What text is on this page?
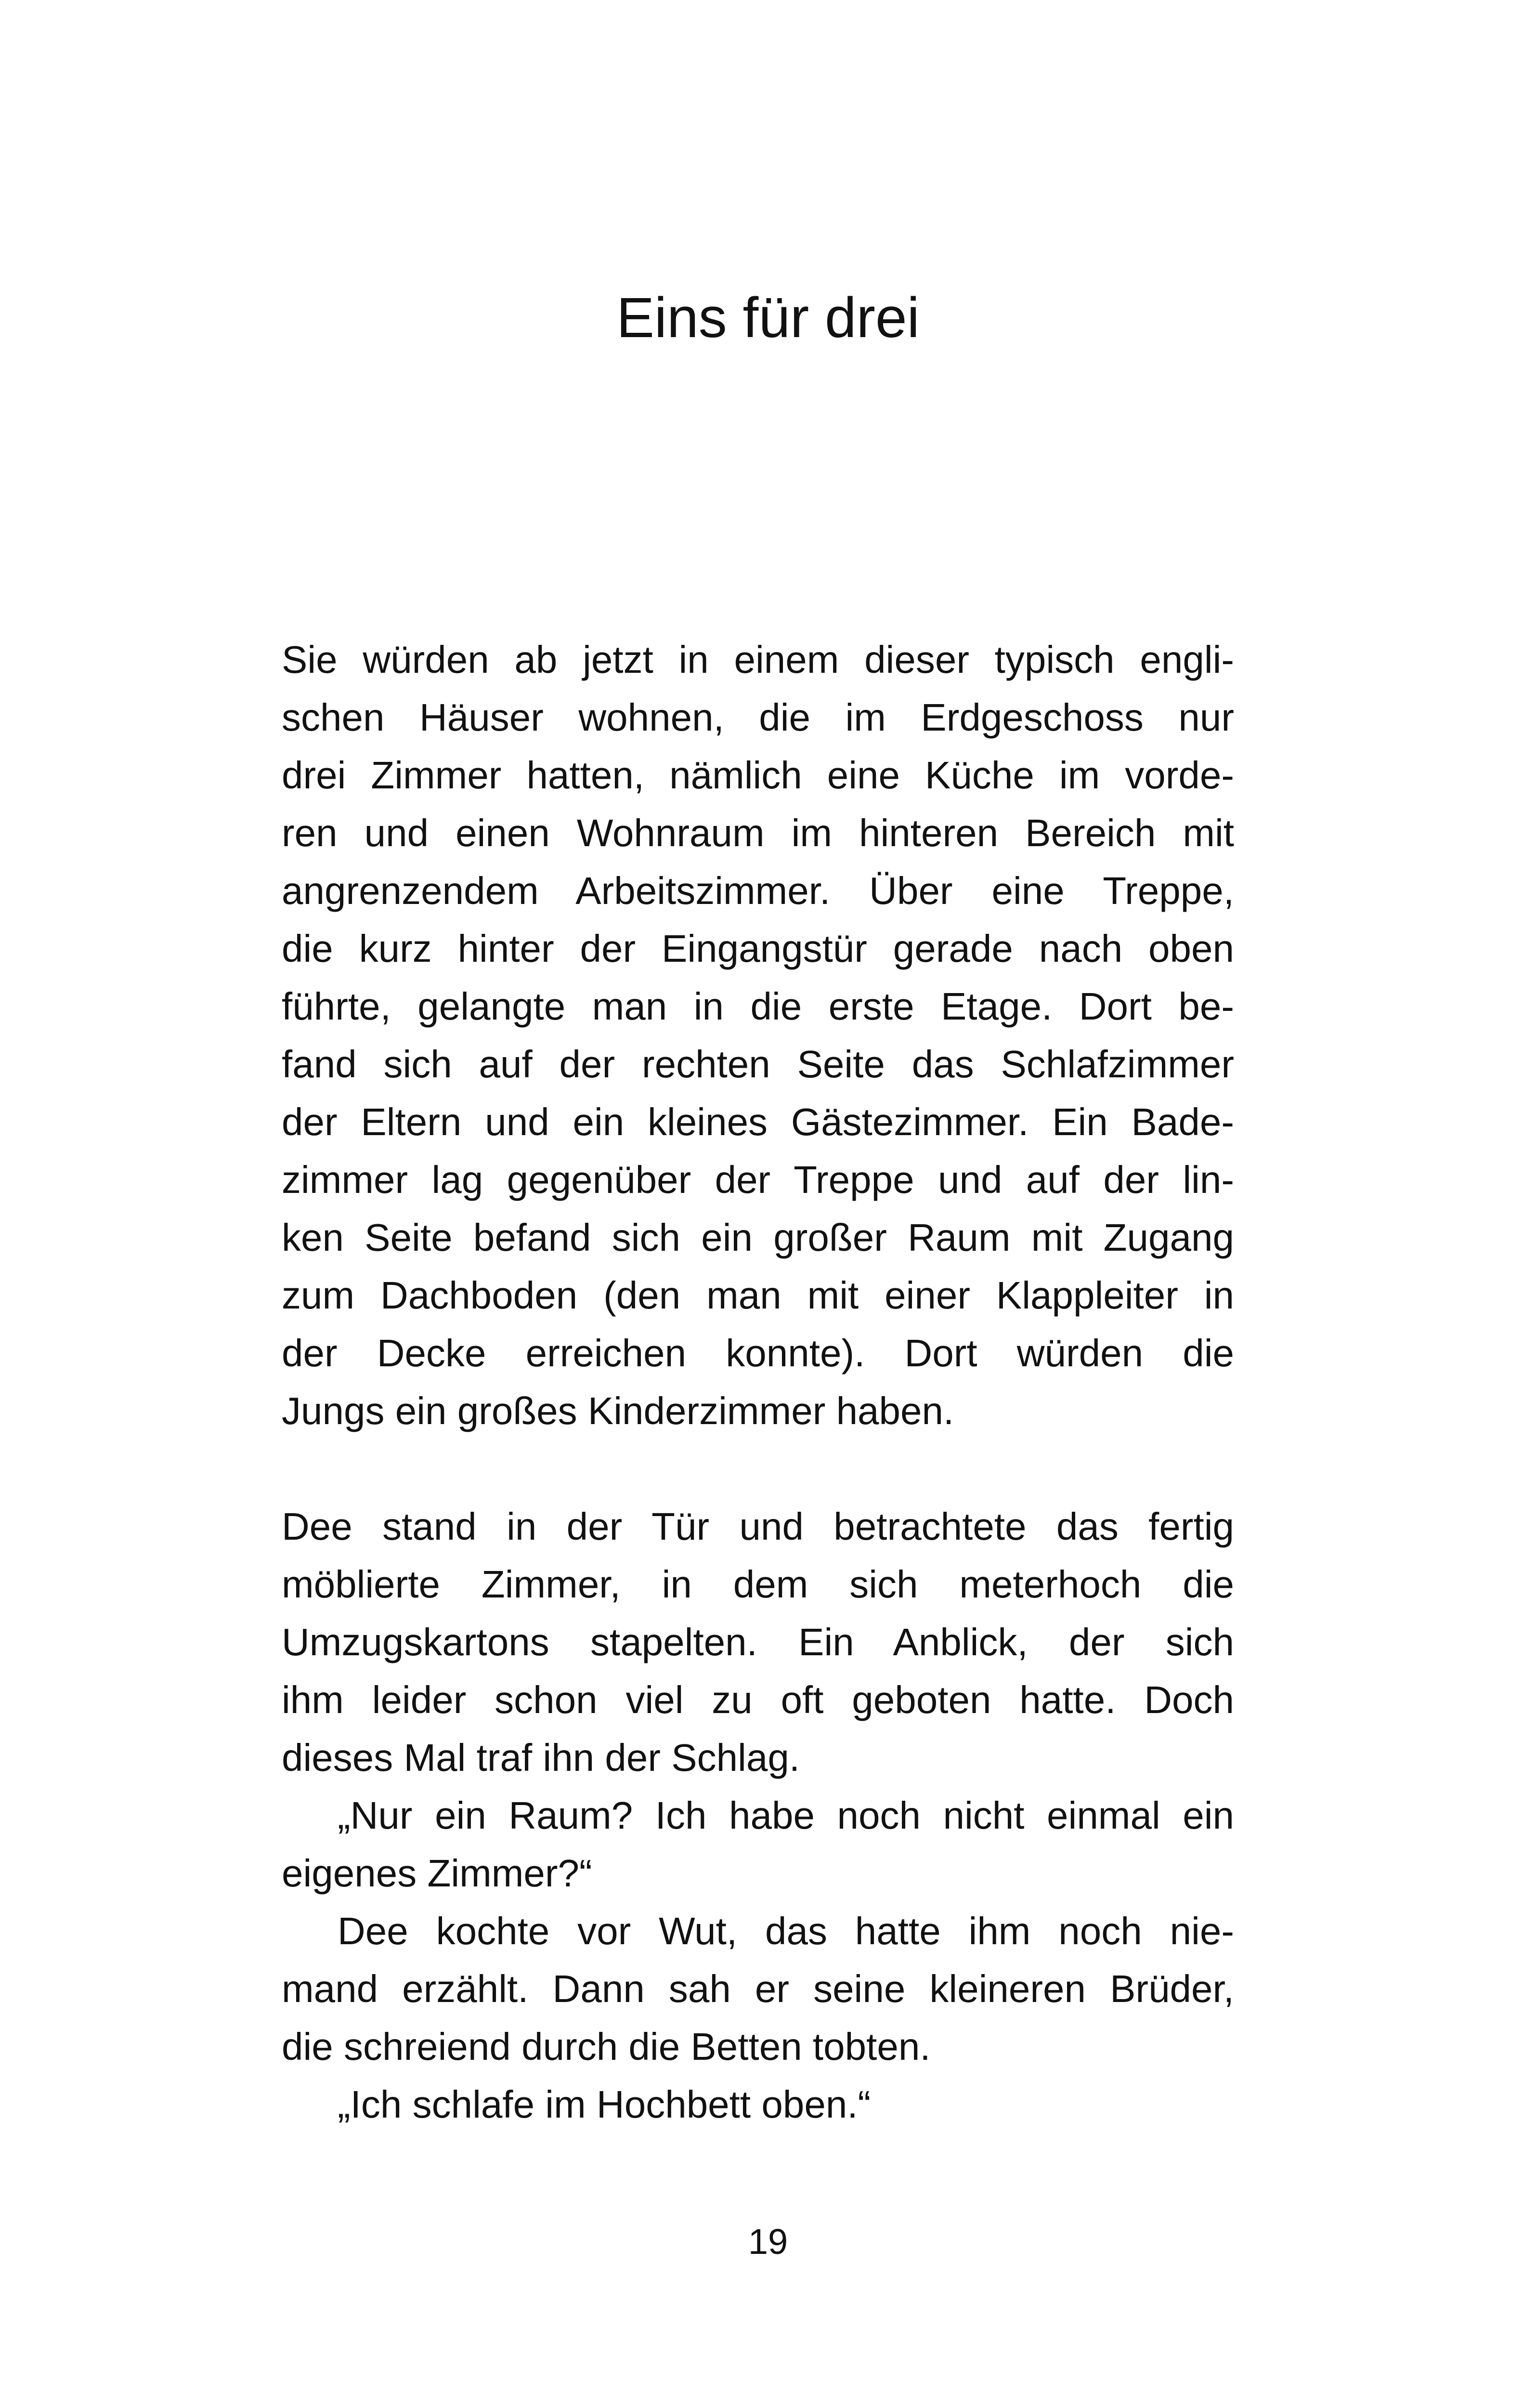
Eins für drei
Sie würden ab jetzt in einem dieser typisch engli-
schen Häuser wohnen, die im Erdgeschoss nur
drei Zimmer hatten, nämlich eine Küche im vorde-
ren und einen Wohnraum im hinteren Bereich mit
angrenzendem Arbeitszimmer. Über eine Treppe,
die kurz hinter der Eingangstür gerade nach oben
führte, gelangte man in die erste Etage. Dort be-
fand sich auf der rechten Seite das Schlafzimmer
der Eltern und ein kleines Gästezimmer. Ein Bade-
zimmer lag gegenüber der Treppe und auf der lin-
ken Seite befand sich ein großer Raum mit Zugang
zum Dachboden (den man mit einer Klappleiter in
der Decke erreichen konnte). Dort würden die
Jungs ein großes Kinderzimmer haben.
Dee stand in der Tür und betrachtete das fertig
möblierte Zimmer, in dem sich meterhoch die
Umzugskartons stapelten. Ein Anblick, der sich
ihm leider schon viel zu oft geboten hatte. Doch
dieses Mal traf ihn der Schlag.
„Nur ein Raum? Ich habe noch nicht einmal ein
eigenes Zimmer?“
Dee kochte vor Wut, das hatte ihm noch nie-
mand erzählt. Dann sah er seine kleineren Brüder,
die schreiend durch die Betten tobten.
„Ich schlafe im Hochbett oben.“

19
